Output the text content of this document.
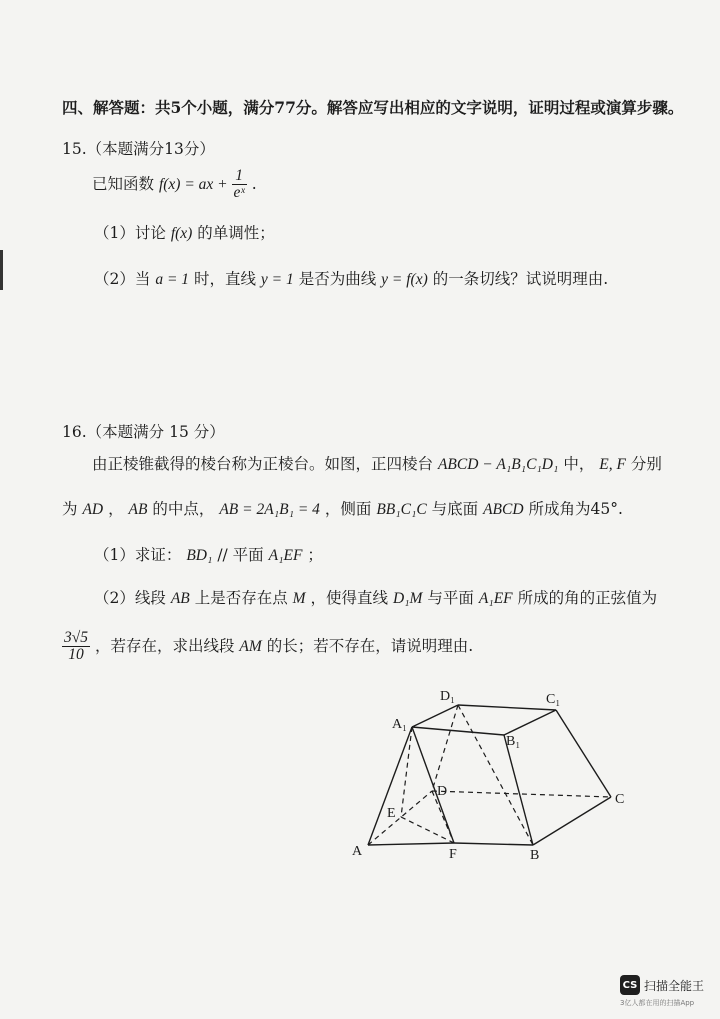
四、解答题：共5个小题，满分77分。解答应写出相应的文字说明，证明过程或演算步骤。
15.（本题满分13分）
已知函数 f(x) = ax + $\frac{1}{\text{eˣ}}$ .
（1）讨论 f(x) 的单调性；
（2）当 a = 1 时，直线 y = 1 是否为曲线 y = f(x) 的一条切线？试说明理由.
16.（本题满分 15 分）
由正棱锥截得的棱台称为正棱台。如图，正四棱台 ABCD − A₁B₁C₁D₁ 中， E, F 分别
为 AD ， AB 的中点， AB = 2A₁B₁ = 4 ，侧面 BB₁C₁C 与底面 ABCD 所成角为45°.
（1）求证： BD₁ // 平面 A₁EF ；
（2）线段 AB 上是否存在点 M ，使得直线 D₁M 与平面 A₁EF 所成的角的正弦值为
$\frac{3√5}{10}$ ，若存在，求出线段 AM 的长；若不存在，请说明理由.
A	B
C
D
E
F
A₁
B₁
C₁
D₁
CS 扫描全能王
3亿人都在用的扫描App
